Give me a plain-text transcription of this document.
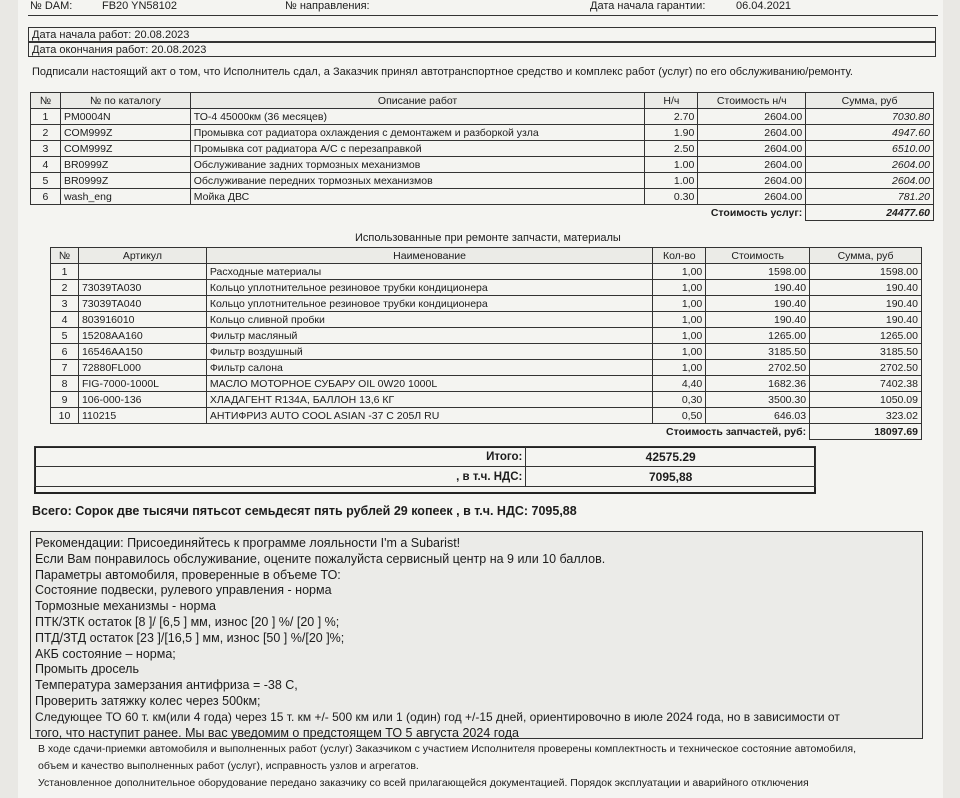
№ DAM:	FB20 YN58102	№ направления:	Дата начала гарантии:	06.04.2021
Дата начала работ: 20.08.2023
Дата окончания работ: 20.08.2023
Подписали настоящий акт о том, что Исполнитель сдал, а Заказчик принял автотранспортное средство и комплекс работ (услуг) по его обслуживанию/ремонту.
№	№ по каталогу	Описание работ	Н/ч	Стоимость н/ч	Сумма, руб
1	PM0004N	ТО-4 45000км (36 месяцев)	2.70	2604.00	7030.80
2	COM999Z	Промывка сот радиатора охлаждения с демонтажем и разборкой узла	1.90	2604.00	4947.60
3	COM999Z	Промывка сот радиатора А/С с перезаправкой	2.50	2604.00	6510.00
4	BR0999Z	Обслуживание задних тормозных механизмов	1.00	2604.00	2604.00
5	BR0999Z	Обслуживание передних тормозных механизмов	1.00	2604.00	2604.00
6	wash_eng	Мойка ДВС	0.30	2604.00	781.20
Стоимость услуг:					24477.60
Использованные при ремонте запчасти, материалы
№	Артикул	Наименование	Кол-во	Стоимость	Сумма, руб
1		Расходные материалы	1,00	1598.00	1598.00
2	73039TA030	Кольцо уплотнительное резиновое трубки кондиционера	1,00	190.40	190.40
3	73039TA040	Кольцо уплотнительное резиновое трубки кондиционера	1,00	190.40	190.40
4	803916010	Кольцо сливной пробки	1,00	190.40	190.40
5	15208AA160	Фильтр масляный	1,00	1265.00	1265.00
6	16546AA150	Фильтр воздушный	1,00	3185.50	3185.50
7	72880FL000	Фильтр салона	1,00	2702.50	2702.50
8	FIG-7000-1000L	МАСЛО МОТОРНОЕ СУБАРУ OIL 0W20 1000L	4,40	1682.36	7402.38
9	106-000-136	ХЛАДАГЕНТ R134A, БАЛЛОН 13,6 КГ	0,30	3500.30	1050.09
10	110215	АНТИФРИЗ AUTO COOL ASIAN -37 С 205Л RU	0,50	646.03	323.02
Стоимость запчастей, руб:					18097.69
Итого:	42575.29
, в т.ч. НДС:	7095,88
Всего: Сорок две тысячи пятьсот семьдесят пять рублей 29 копеек , в т.ч. НДС: 7095,88
Рекомендации: Присоединяйтесь к программе лояльности I'm a Subarist!
Если Вам понравилось обслуживание, оцените пожалуйста сервисный центр на 9 или 10 баллов.
Параметры автомобиля, проверенные в объеме ТО:
Состояние подвески, рулевого управления - норма
Тормозные механизмы - норма
ПТК/ЗТК остаток [8 ]/ [6,5 ] мм, износ [20 ] %/ [20 ] %;
ПТД/ЗТД остаток [23 ]/[16,5 ] мм, износ [50 ] %/[20 ]%;
АКБ состояние – норма;
Промыть дросель
Температура замерзания антифриза = -38 С,
Проверить затяжку колес через 500км;
Следующее ТО 60 т. км(или 4 года) через 15 т. км +/- 500 км или 1 (один) год +/-15 дней, ориентировочно в июле 2024 года, но в зависимости от
того, что наступит ранее. Мы вас уведомим о предстоящем ТО 5 августа 2024 года
В ходе сдачи-приемки автомобиля и выполненных работ (услуг) Заказчиком с участием Исполнителя проверены комплектность и техническое состояние автомобиля,
объем и качество выполненных работ (услуг), исправность узлов и агрегатов.
Установленное дополнительное оборудование передано заказчику со всей прилагающейся документацией. Порядок эксплуатации и аварийного отключения
